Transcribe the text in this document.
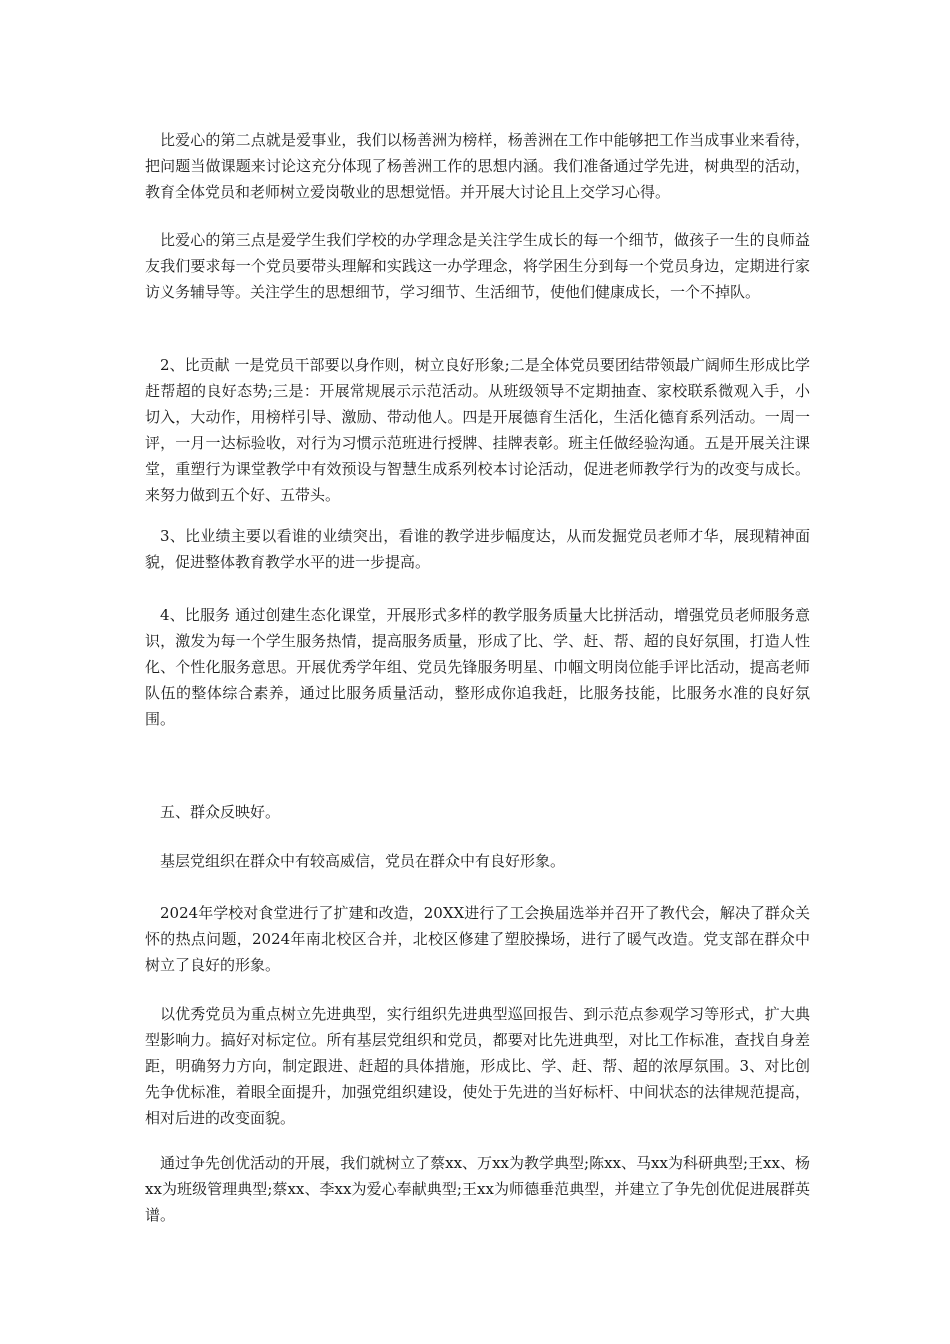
比爱心的第二点就是爱事业，我们以杨善洲为榜样，杨善洲在工作中能够把工作当成事业来看待，把问题当做课题来讨论这充分体现了杨善洲工作的思想内涵。我们准备通过学先进，树典型的活动，教育全体党员和老师树立爱岗敬业的思想觉悟。并开展大讨论且上交学习心得。

比爱心的第三点是爱学生我们学校的办学理念是关注学生成长的每一个细节，做孩子一生的良师益友我们要求每一个党员要带头理解和实践这一办学理念，将学困生分到每一个党员身边，定期进行家访义务辅导等。关注学生的思想细节，学习细节、生活细节，使他们健康成长，一个不掉队。

2、比贡献 一是党员干部要以身作则，树立良好形象;二是全体党员要团结带领最广阔师生形成比学赶帮超的良好态势;三是：开展常规展示示范活动。从班级领导不定期抽查、家校联系微观入手，小切入，大动作，用榜样引导、激励、带动他人。四是开展德育生活化，生活化德育系列活动。一周一评，一月一达标验收，对行为习惯示范班进行授牌、挂牌表彰。班主任做经验沟通。五是开展关注课堂，重塑行为课堂教学中有效预设与智慧生成系列校本讨论活动，促进老师教学行为的改变与成长。来努力做到五个好、五带头。

3、比业绩主要以看谁的业绩突出，看谁的教学进步幅度达，从而发掘党员老师才华，展现精神面貌，促进整体教育教学水平的进一步提高。

4、比服务 通过创建生态化课堂，开展形式多样的教学服务质量大比拼活动，增强党员老师服务意识，激发为每一个学生服务热情，提高服务质量，形成了比、学、赶、帮、超的良好氛围，打造人性化、个性化服务意思。开展优秀学年组、党员先锋服务明星、巾帼文明岗位能手评比活动，提高老师队伍的整体综合素养，通过比服务质量活动，整形成你追我赶，比服务技能，比服务水准的良好氛围。

五、群众反映好。

基层党组织在群众中有较高威信，党员在群众中有良好形象。

2024年学校对食堂进行了扩建和改造，20XX进行了工会换届选举并召开了教代会，解决了群众关怀的热点问题，2024年南北校区合并，北校区修建了塑胶操场，进行了暖气改造。党支部在群众中树立了良好的形象。

以优秀党员为重点树立先进典型，实行组织先进典型巡回报告、到示范点参观学习等形式，扩大典型影响力。搞好对标定位。所有基层党组织和党员，都要对比先进典型，对比工作标准，查找自身差距，明确努力方向，制定跟进、赶超的具体措施，形成比、学、赶、帮、超的浓厚氛围。3、对比创先争优标准，着眼全面提升，加强党组织建设，使处于先进的当好标杆、中间状态的法律规范提高，相对后进的改变面貌。

通过争先创优活动的开展，我们就树立了蔡xx、万xx为教学典型;陈xx、马xx为科研典型;王xx、杨xx为班级管理典型;蔡xx、李xx为爱心奉献典型;王xx为师德垂范典型，并建立了争先创优促进展群英谱。
